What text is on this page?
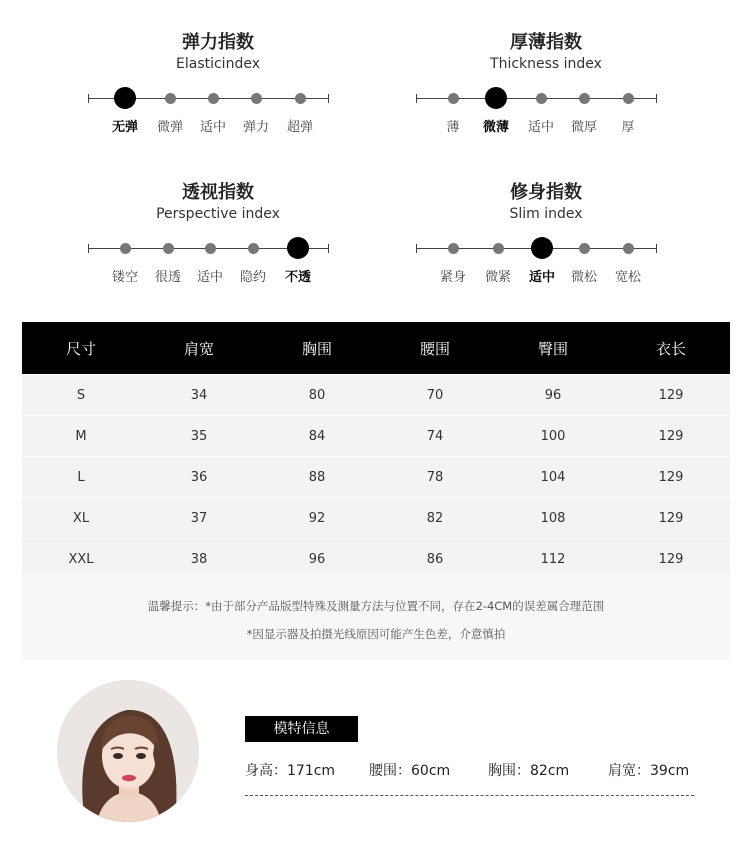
弹力指数
Elasticindex
无弹	微弹	适中	弹力	超弹
厚薄指数
Thickness index
薄	微薄	适中	微厚	厚
透视指数
Perspective index
镂空	很透	适中	隐约	不透
修身指数
Slim index
紧身	微紧	适中	微松	宽松
尺寸	肩宽	胸围	腰围	臀围	衣长
S	34	80	70	96	129
M	35	84	74	100	129
L	36	88	78	104	129
XL	37	92	82	108	129
XXL	38	96	86	112	129
温馨提示：*由于部分产品版型特殊及测量方法与位置不同，存在2-4CM的误差属合理范围
*因显示器及拍摄光线原因可能产生色差，介意慎拍
模特信息
身高：171cm 腰围：60cm	胸围：82cm	肩宽：39cm
